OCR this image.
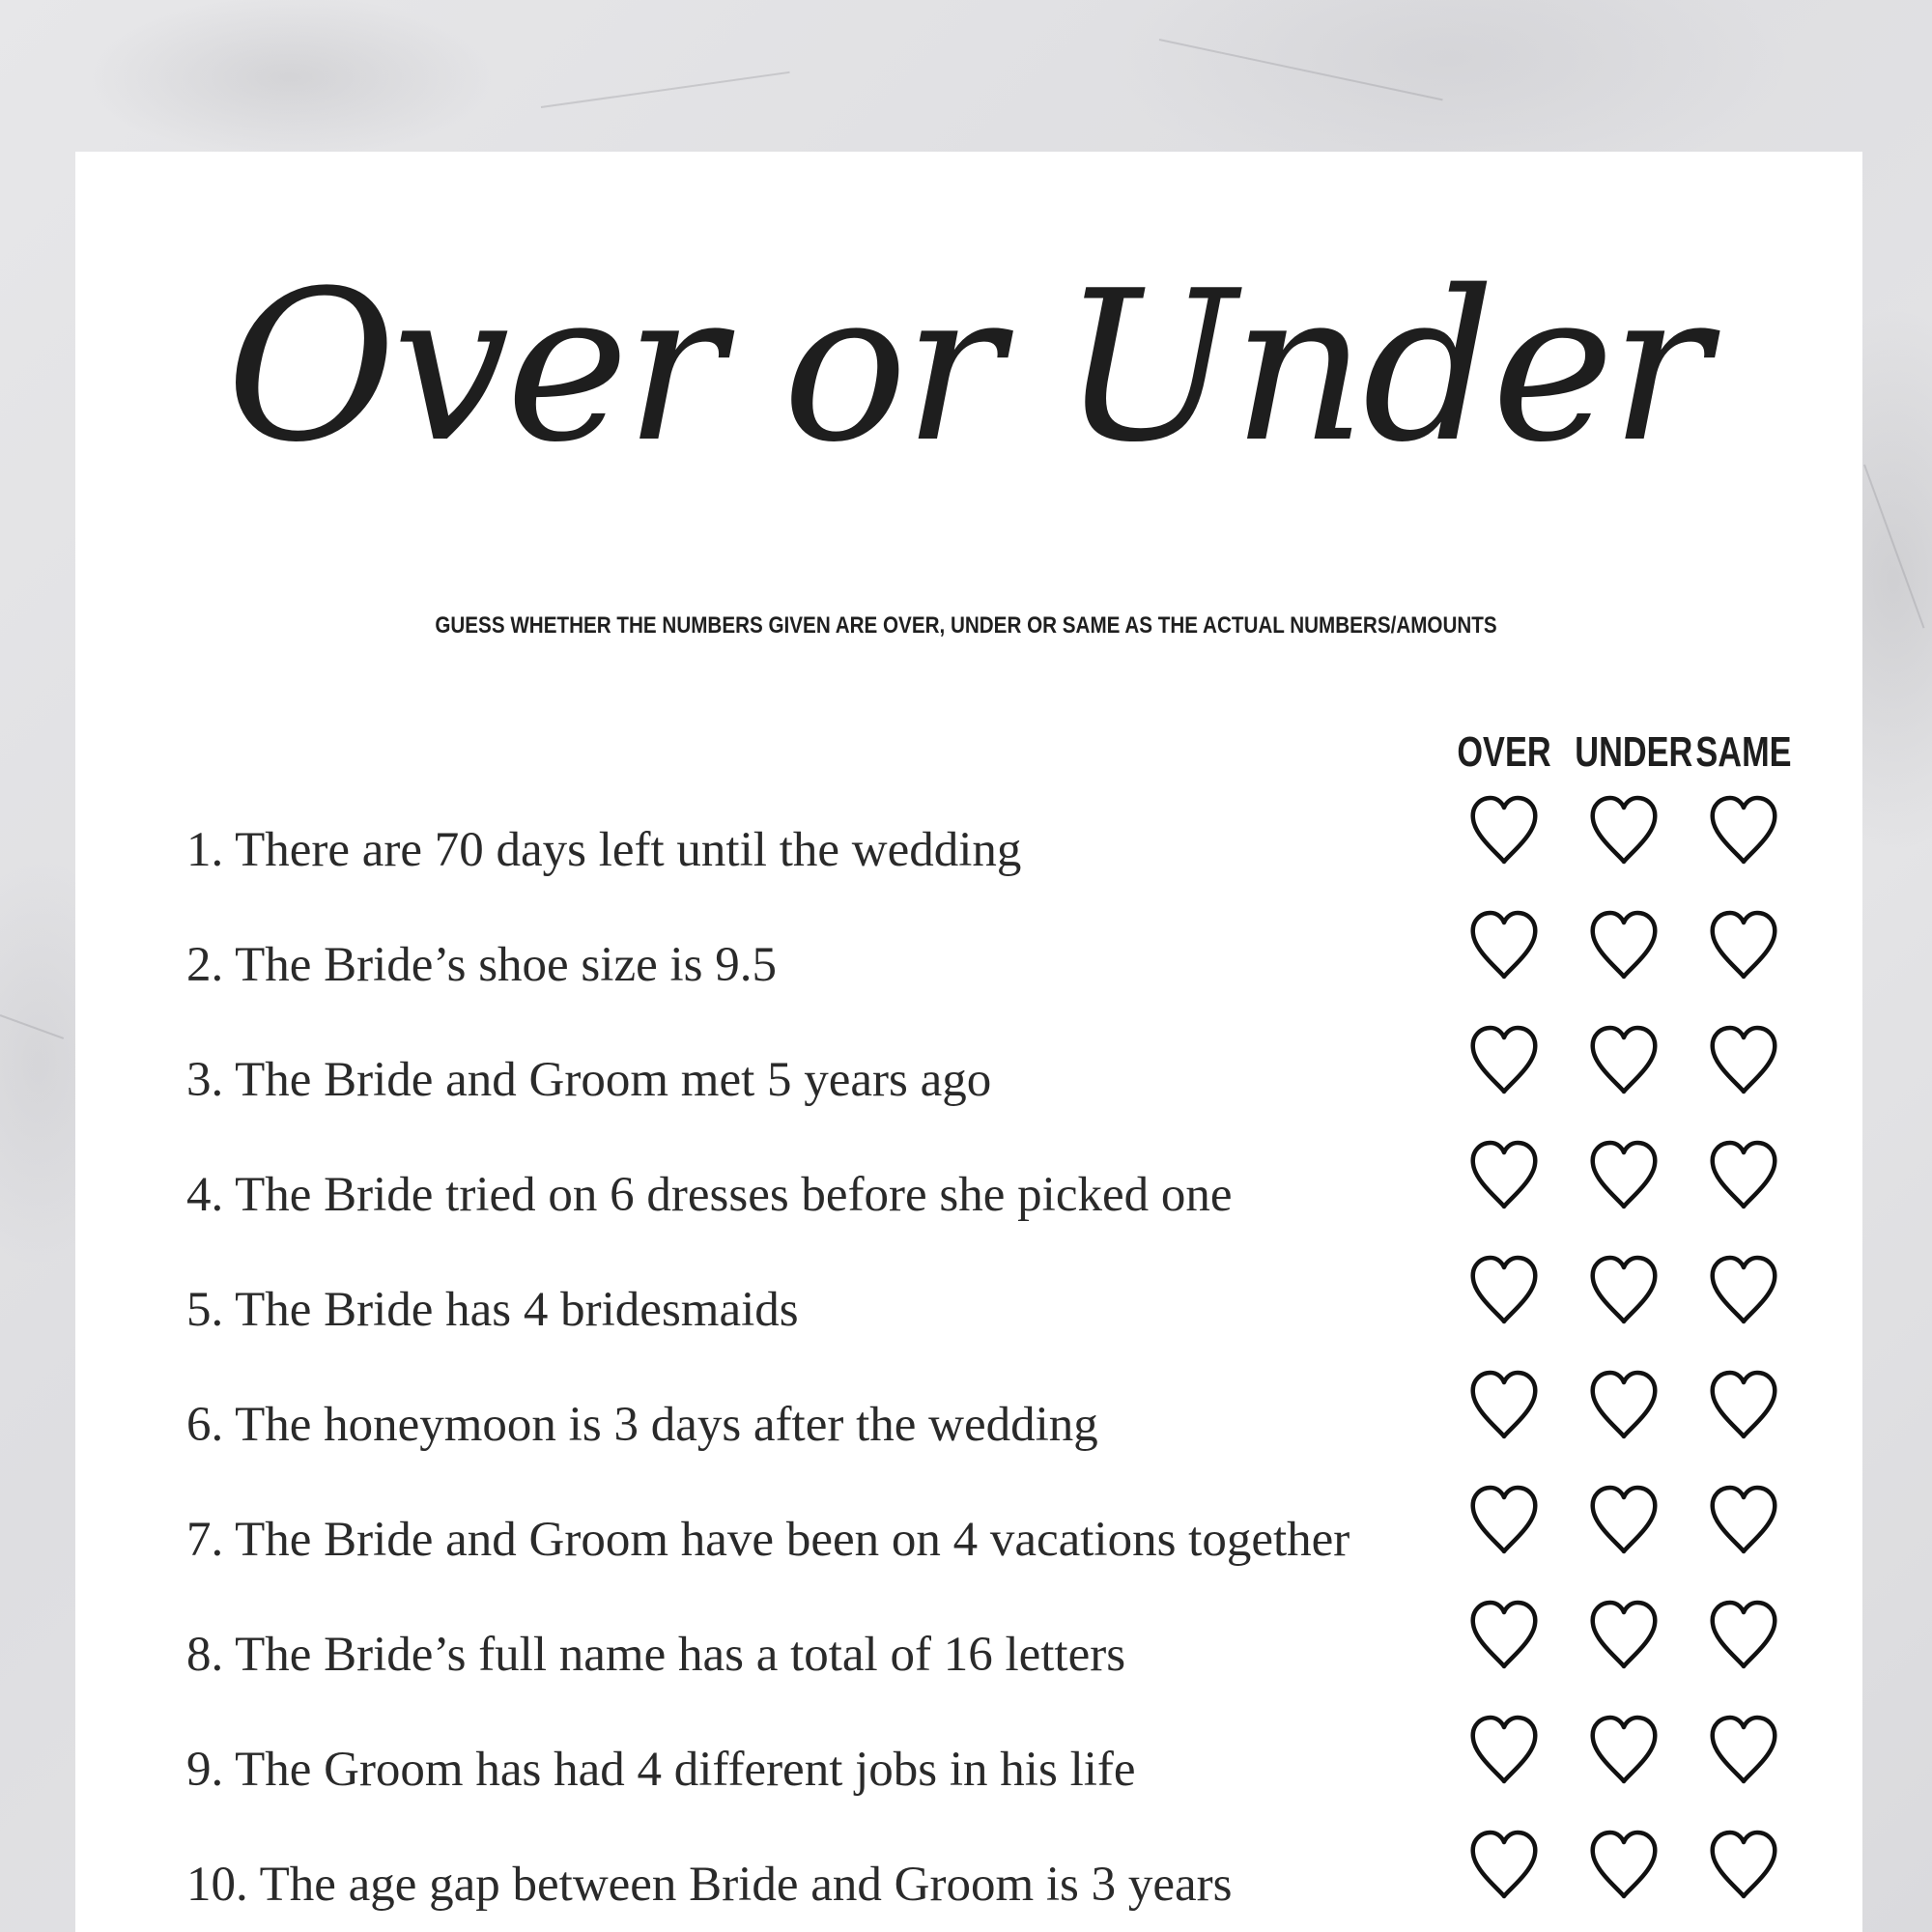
Over or Under
GUESS WHETHER THE NUMBERS GIVEN ARE OVER, UNDER OR SAME AS THE ACTUAL NUMBERS/AMOUNTS
OVER UNDER SAME
1. There are 70 days left until the wedding
2. The Bride’s shoe size is 9.5
3. The Bride and Groom met 5 years ago
4. The Bride tried on 6 dresses before she picked one
5. The Bride has 4 bridesmaids
6. The honeymoon is 3 days after the wedding
7. The Bride and Groom have been on 4 vacations together
8. The Bride’s full name has a total of 16 letters
9. The Groom has had 4 different jobs in his life
10. The age gap between Bride and Groom is 3 years
